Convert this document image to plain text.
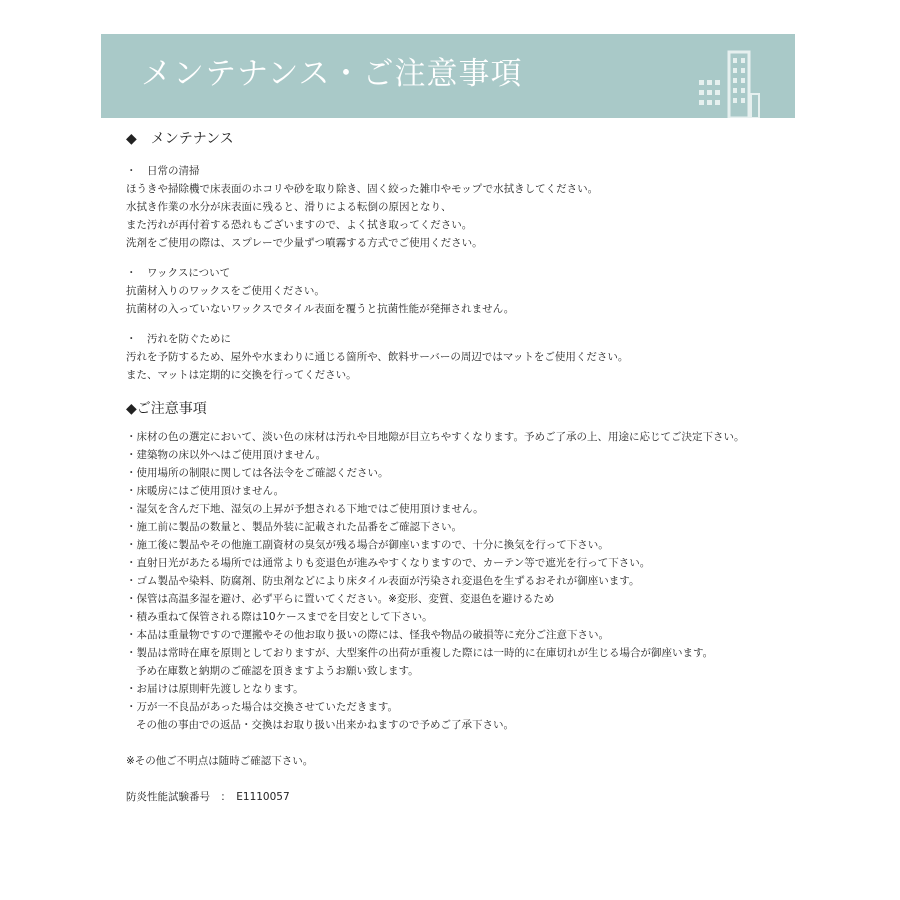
メンテナンス・ご注意事項
◆　メンテナンス
・　日常の清掃
ほうきや掃除機で床表面のホコリや砂を取り除き、固く絞った雑巾やモップで水拭きしてください。
水拭き作業の水分が床表面に残ると、滑りによる転倒の原因となり、
また汚れが再付着する恐れもございますので、よく拭き取ってください。
洗剤をご使用の際は、スプレーで少量ずつ噴霧する方式でご使用ください。
・　ワックスについて
抗菌材入りのワックスをご使用ください。
抗菌材の入っていないワックスでタイル表面を覆うと抗菌性能が発揮されません。
・　汚れを防ぐために
汚れを予防するため、屋外や水まわりに通じる箇所や、飲料サーバーの周辺ではマットをご使用ください。
また、マットは定期的に交換を行ってください。
◆ご注意事項
・床材の色の選定において、淡い色の床材は汚れや目地隙が目立ちやすくなります。予めご了承の上、用途に応じてご決定下さい。
・建築物の床以外へはご使用頂けません。
・使用場所の制限に関しては各法令をご確認ください。
・床暖房にはご使用頂けません。
・湿気を含んだ下地、湿気の上昇が予想される下地ではご使用頂けません。
・施工前に製品の数量と、製品外装に記載された品番をご確認下さい。
・施工後に製品やその他施工副資材の臭気が残る場合が御座いますので、十分に換気を行って下さい。
・直射日光があたる場所では通常よりも変退色が進みやすくなりますので、カーテン等で遮光を行って下さい。
・ゴム製品や染料、防腐剤、防虫剤などにより床タイル表面が汚染され変退色を生ずるおそれが御座います。
・保管は高温多湿を避け、必ず平らに置いてください。※変形、変質、変退色を避けるため
・積み重ねて保管される際は10ケースまでを目安として下さい。
・本品は重量物ですので運搬やその他お取り扱いの際には、怪我や物品の破損等に充分ご注意下さい。
・製品は常時在庫を原則としておりますが、大型案件の出荷が重複した際には一時的に在庫切れが生じる場合が御座います。
予め在庫数と納期のご確認を頂きますようお願い致します。
・お届けは原則軒先渡しとなります。
・万が一不良品があった場合は交換させていただきます。
その他の事由での返品・交換はお取り扱い出来かねますので予めご了承下さい。
※その他ご不明点は随時ご確認下さい。
防炎性能試験番号　：　E1110057
